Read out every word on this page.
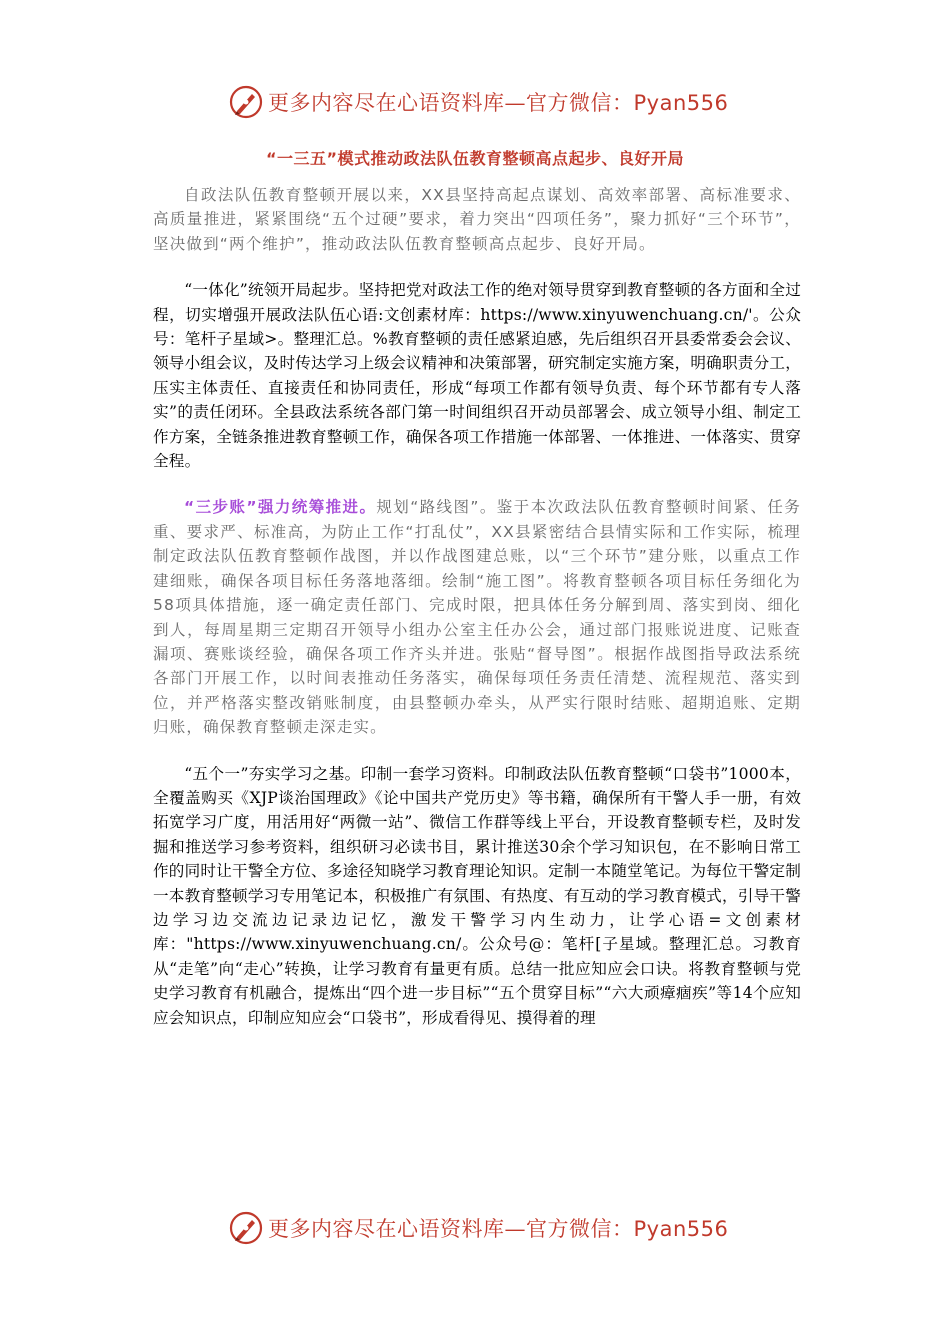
更多内容尽在心语资料库—官方微信：Pyan556
“一三五”模式推动政法队伍教育整顿高点起步、良好开局

自政法队伍教育整顿开展以来，XX县坚持高起点谋划、高效率部署、高标准要求、高质量推进，紧紧围绕“五个过硬”要求，着力突出“四项任务”，聚力抓好“三个环节”，坚决做到“两个维护”，推动政法队伍教育整顿高点起步、良好开局。

“一体化”统领开局起步。坚持把党对政法工作的绝对领导贯穿到教育整顿的各方面和全过程，切实增强开展政法队伍心语:文创素材库：https://www.xinyuwenchuang.cn/'。公众号：笔杆子星域>。整理汇总。%教育整顿的责任感紧迫感，先后组织召开县委常委会会议、领导小组会议，及时传达学习上级会议精神和决策部署，研究制定实施方案，明确职责分工，压实主体责任、直接责任和协同责任，形成“每项工作都有领导负责、每个环节都有专人落实”的责任闭环。全县政法系统各部门第一时间组织召开动员部署会、成立领导小组、制定工作方案，全链条推进教育整顿工作，确保各项工作措施一体部署、一体推进、一体落实、贯穿全程。

“三步账”强力统筹推进。规划“路线图”。鉴于本次政法队伍教育整顿时间紧、任务重、要求严、标准高，为防止工作“打乱仗”，XX县紧密结合县情实际和工作实际，梳理制定政法队伍教育整顿作战图，并以作战图建总账，以“三个环节”建分账，以重点工作建细账，确保各项目标任务落地落细。绘制“施工图”。将教育整顿各项目标任务细化为58项具体措施，逐一确定责任部门、完成时限，把具体任务分解到周、落实到岗、细化到人，每周星期三定期召开领导小组办公室主任办公会，通过部门报账说进度、记账查漏项、赛账谈经验，确保各项工作齐头并进。张贴“督导图”。根据作战图指导政法系统各部门开展工作，以时间表推动任务落实，确保每项任务责任清楚、流程规范、落实到位，并严格落实整改销账制度，由县整顿办牵头，从严实行限时结账、超期追账、定期归账，确保教育整顿走深走实。

“五个一”夯实学习之基。印制一套学习资料。印制政法队伍教育整顿“口袋书”1000本，全覆盖购买《XJP谈治国理政》《论中国共产党历史》等书籍，确保所有干警人手一册，有效拓宽学习广度，用活用好“两微一站”、微信工作群等线上平台，开设教育整顿专栏，及时发掘和推送学习参考资料，组织研习必读书目，累计推送30余个学习知识包，在不影响日常工作的同时让干警全方位、多途径知晓学习教育理论知识。定制一本随堂笔记。为每位干警定制一本教育整顿学习专用笔记本，积极推广有氛围、有热度、有互动的学习教育模式，引导干警边学习边交流边记录边记忆，激发干警学习内生动力，让学心语=文创素材库："https://www.xinyuwenchuang.cn/。公众号@：笔杆[子星域。整理汇总。习教育从“走笔”向“走心”转换，让学习教育有量更有质。总结一批应知应会口诀。将教育整顿与党史学习教育有机融合，提炼出“四个进一步目标”“五个贯穿目标”“六大顽瘴痼疾”等14个应知应会知识点，印制应知应会“口袋书”，形成看得见、摸得着的理

更多内容尽在心语资料库—官方微信：Pyan556
